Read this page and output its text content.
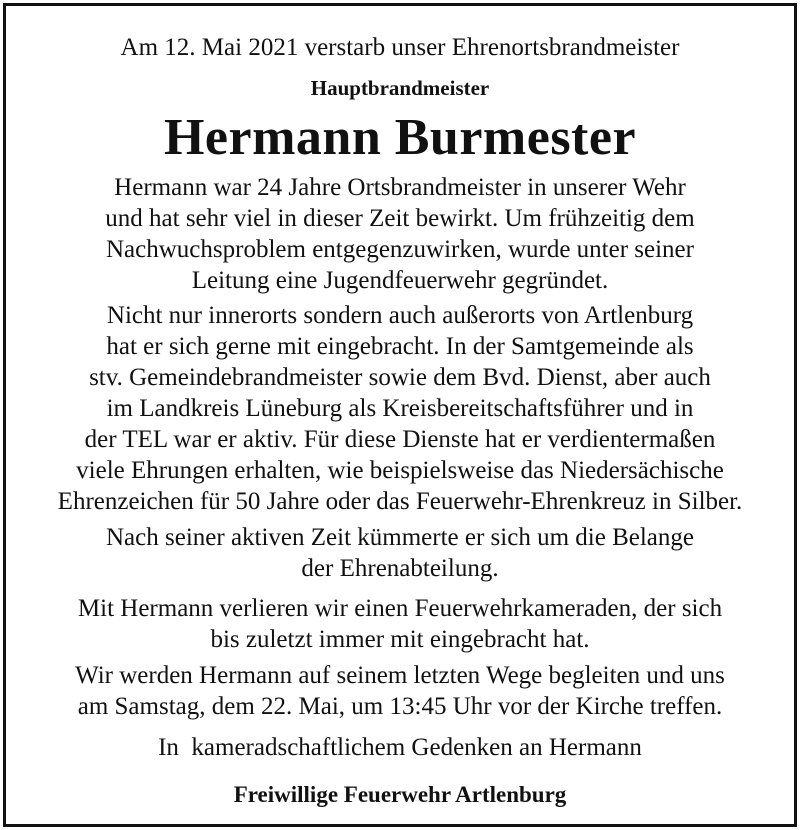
Am 12. Mai 2021 verstarb unser Ehrenortsbrandmeister
Hauptbrandmeister
Hermann Burmester
Hermann war 24 Jahre Ortsbrandmeister in unserer Wehr
und hat sehr viel in dieser Zeit bewirkt. Um frühzeitig dem
Nachwuchsproblem entgegenzuwirken, wurde unter seiner
Leitung eine Jugendfeuerwehr gegründet.
Nicht nur innerorts sondern auch außerorts von Artlenburg
hat er sich gerne mit eingebracht. In der Samtgemeinde als
stv. Gemeindebrandmeister sowie dem Bvd. Dienst, aber auch
im Landkreis Lüneburg als Kreisbereitschaftsführer und in
der TEL war er aktiv. Für diese Dienste hat er verdientermaßen
viele Ehrungen erhalten, wie beispielsweise das Niedersächische
Ehrenzeichen für 50 Jahre oder das Feuerwehr-Ehrenkreuz in Silber.
Nach seiner aktiven Zeit kümmerte er sich um die Belange
der Ehrenabteilung.
Mit Hermann verlieren wir einen Feuerwehrkameraden, der sich
bis zuletzt immer mit eingebracht hat.
Wir werden Hermann auf seinem letzten Wege begleiten und uns
am Samstag, dem 22. Mai, um 13:45 Uhr vor der Kirche treffen.
In  kameradschaftlichem Gedenken an Hermann
Freiwillige Feuerwehr Artlenburg
